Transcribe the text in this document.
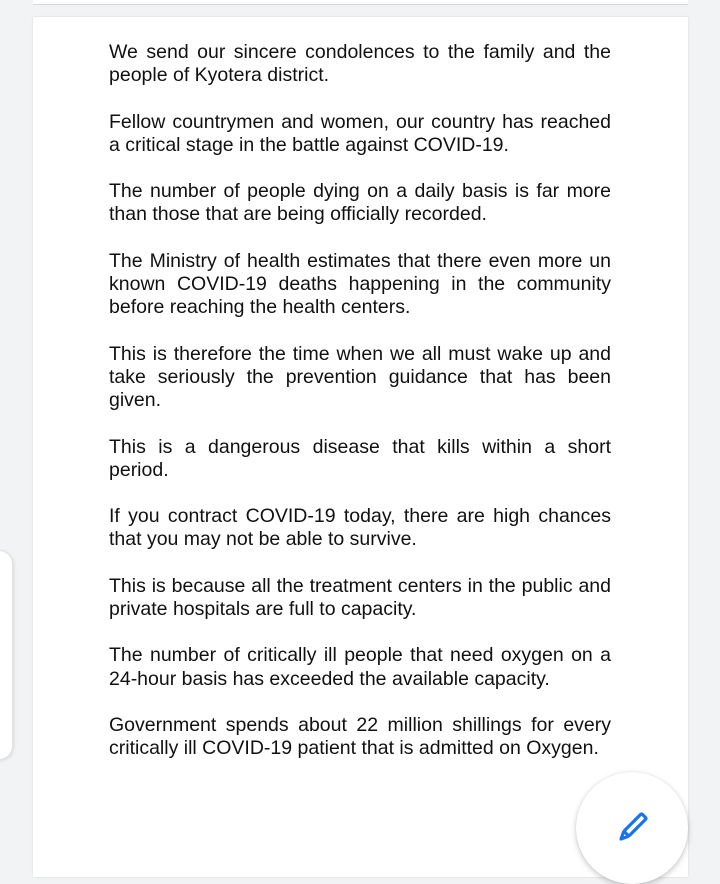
We send our sincere condolences to the family and the people of Kyotera district.

Fellow countrymen and women, our country has reached a critical stage in the battle against COVID-19.

The number of people dying on a daily basis is far more than those that are being officially recorded.

The Ministry of health estimates that there even more un known COVID-19 deaths happening in the community before reaching the health centers.

This is therefore the time when we all must wake up and take seriously the prevention guidance that has been given.

This is a dangerous disease that kills within a short period.

If you contract COVID-19 today, there are high chances that you may not be able to survive.

This is because all the treatment centers in the public and private hospitals are full to capacity.

The number of critically ill people that need oxygen on a 24-hour basis has exceeded the available capacity.

Government spends about 22 million shillings for every critically ill COVID-19 patient that is admitted on Oxygen.
